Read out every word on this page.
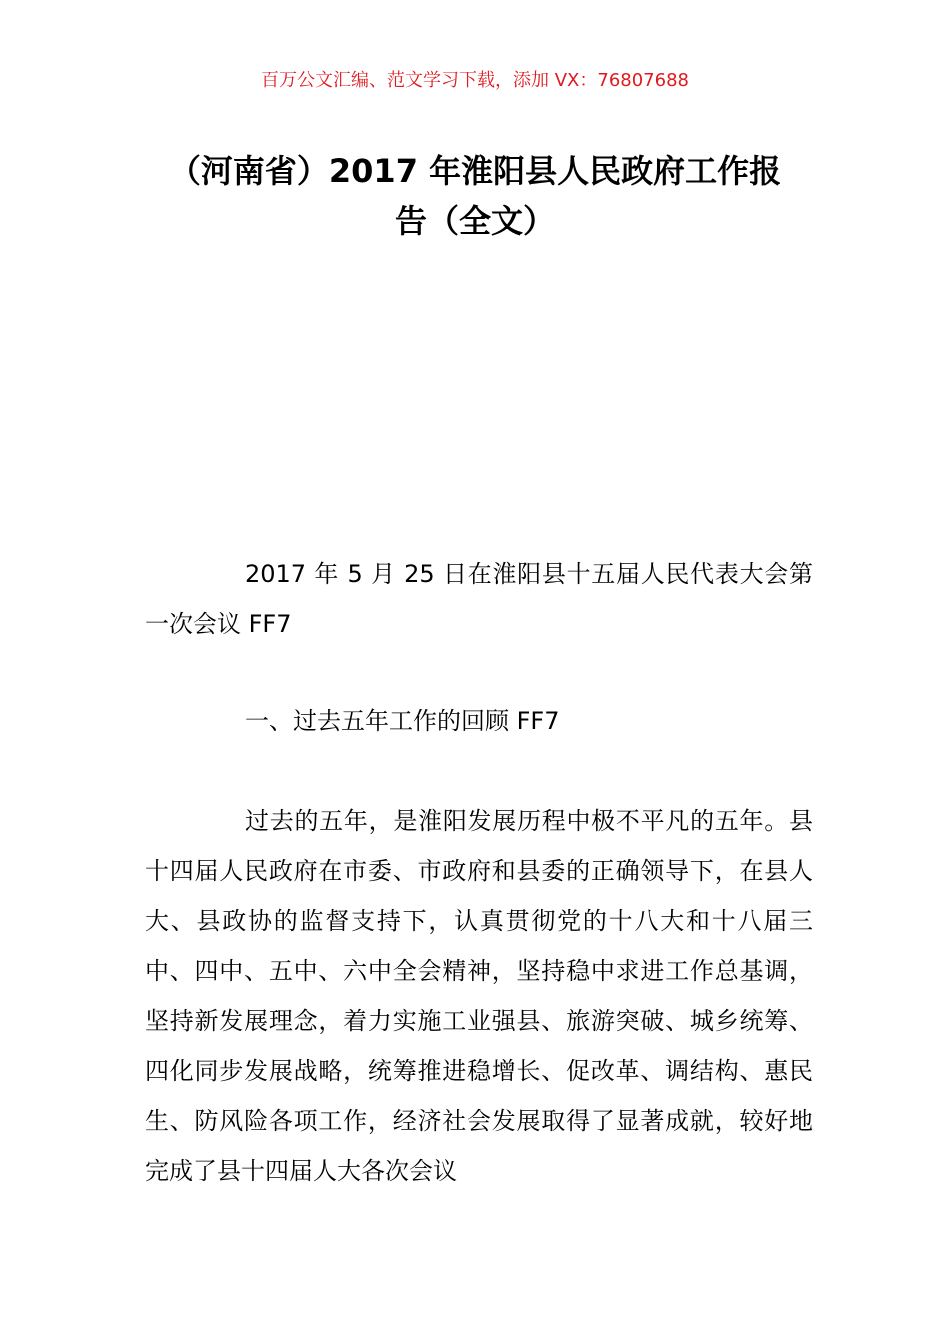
百万公文汇编、范文学习下载，添加 VX：76807688
（河南省）2017 年淮阳县人民政府工作报
告（全文）

2017 年 5 月 25 日在淮阳县十五届人民代表大会第一次会议 FF7

一、过去五年工作的回顾 FF7

过去的五年，是淮阳发展历程中极不平凡的五年。县十四届人民政府在市委、市政府和县委的正确领导下，在县人大、县政协的监督支持下，认真贯彻党的十八大和十八届三中、四中、五中、六中全会精神，坚持稳中求进工作总基调，坚持新发展理念，着力实施工业强县、旅游突破、城乡统筹、四化同步发展战略，统筹推进稳增长、促改革、调结构、惠民生、防风险各项工作，经济社会发展取得了显著成就，较好地完成了县十四届人大各次会议
